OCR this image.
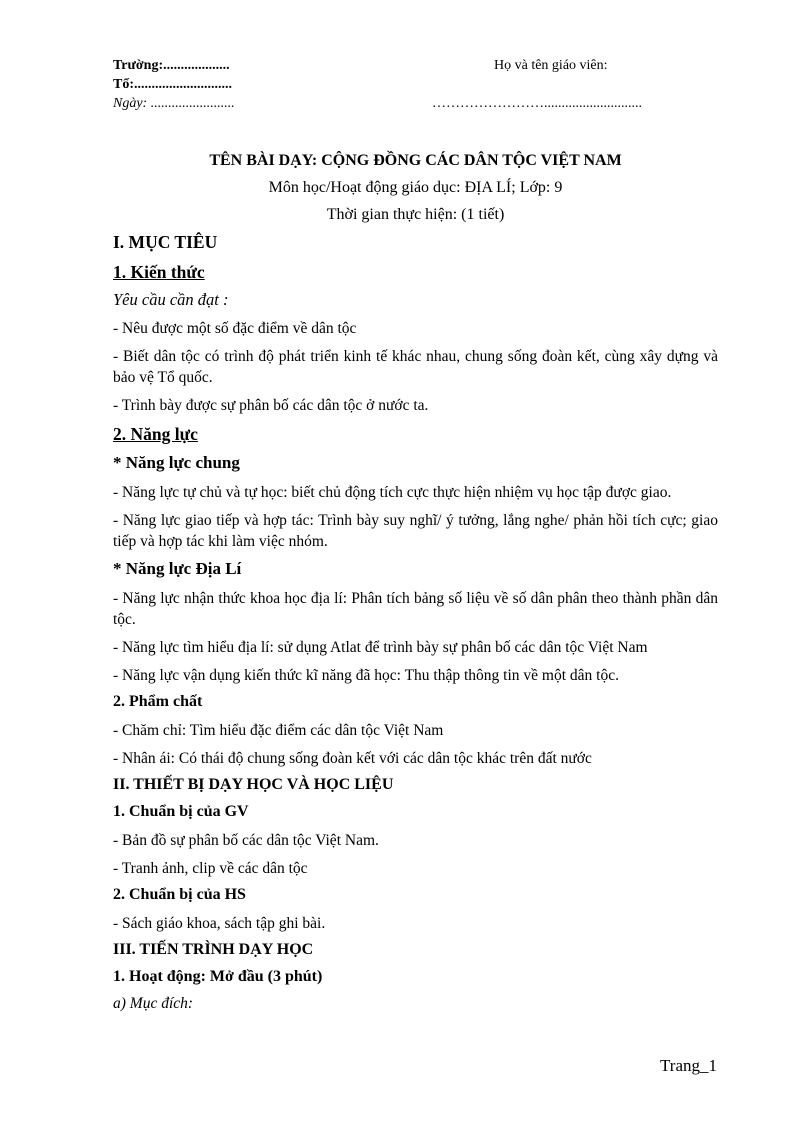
Trường:...................
Tổ:............................
Ngày: ........................
Họ và tên giáo viên:
……………………............................
TÊN BÀI DẠY: CỘNG ĐỒNG CÁC DÂN TỘC VIỆT NAM
Môn học/Hoạt động giáo dục: ĐỊA LÍ; Lớp: 9
Thời gian thực hiện: (1 tiết)

I. MỤC TIÊU

1. Kiến thức

Yêu cầu cần đạt :

- Nêu được một số đặc điểm về dân tộc

- Biết dân tộc có trình độ phát triển kinh tế khác nhau, chung sống đoàn kết, cùng xây dựng và bảo vệ Tổ quốc.

- Trình bày được sự phân bố các dân tộc ở nước ta.

2. Năng lực

* Năng lực chung

- Năng lực tự chủ và tự học: biết chủ động tích cực thực hiện nhiệm vụ học tập được giao.

- Năng lực giao tiếp và hợp tác: Trình bày suy nghĩ/ ý tưởng, lắng nghe/ phản hồi tích cực; giao tiếp và hợp tác khi làm việc nhóm.

* Năng lực Địa Lí

- Năng lực nhận thức khoa học địa lí: Phân tích bảng số liệu về số dân phân theo thành phần dân tộc.

- Năng lực tìm hiểu địa lí: sử dụng Atlat để trình bày sự phân bố các dân tộc Việt Nam

- Năng lực vận dụng kiến thức kĩ năng đã học: Thu thập thông tin về một dân tộc.

2. Phẩm chất

- Chăm chỉ: Tìm hiểu đặc điểm các dân tộc Việt Nam

- Nhân ái: Có thái độ chung sống đoàn kết với các dân tộc khác trên đất nước

II. THIẾT BỊ DẠY HỌC VÀ HỌC LIỆU

1. Chuẩn bị của GV

- Bản đồ sự phân bố các dân tộc Việt Nam.

- Tranh ảnh, clip về các dân tộc

2. Chuẩn bị của HS

- Sách giáo khoa, sách tập ghi bài.

III. TIẾN TRÌNH DẠY HỌC

1. Hoạt động: Mở đầu (3 phút)

a) Mục đích:

Trang_1
